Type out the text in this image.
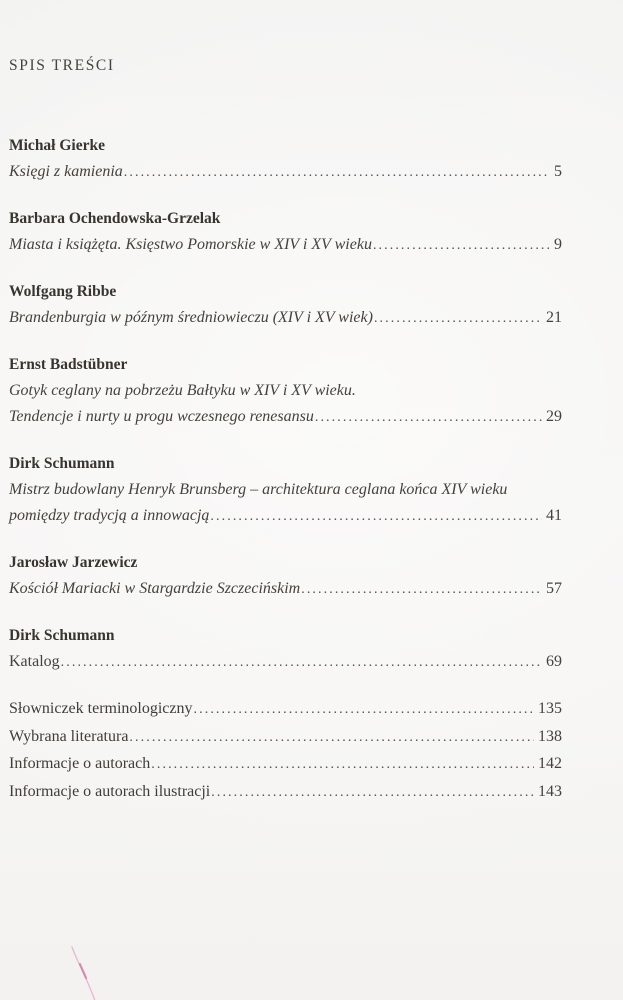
SPIS TREŚCI
Michał Gierke
Księgi z kamienia .....	5
Barbara Ochendowska-Grzelak
Miasta i książęta. Księstwo Pomorskie w XIV i XV wieku .....	9
Wolfgang Ribbe
Brandenburgia w późnym średniowieczu (XIV i XV wiek) .....	21
Ernst Badstübner
Gotyk ceglany na pobrzeżu Bałtyku w XIV i XV wieku.
Tendencje i nurty u progu wczesnego renesansu .....	29
Dirk Schumann
Mistrz budowlany Henryk Brunsberg – architektura ceglana końca XIV wieku
pomiędzy tradycją a innowacją .....	41
Jarosław Jarzewicz
Kościół Mariacki w Stargardzie Szczecińskim .....	57
Dirk Schumann
Katalog .....	69
Słowniczek terminologiczny .....	135
Wybrana literatura .....	138
Informacje o autorach .....	142
Informacje o autorach ilustracji .....	143
